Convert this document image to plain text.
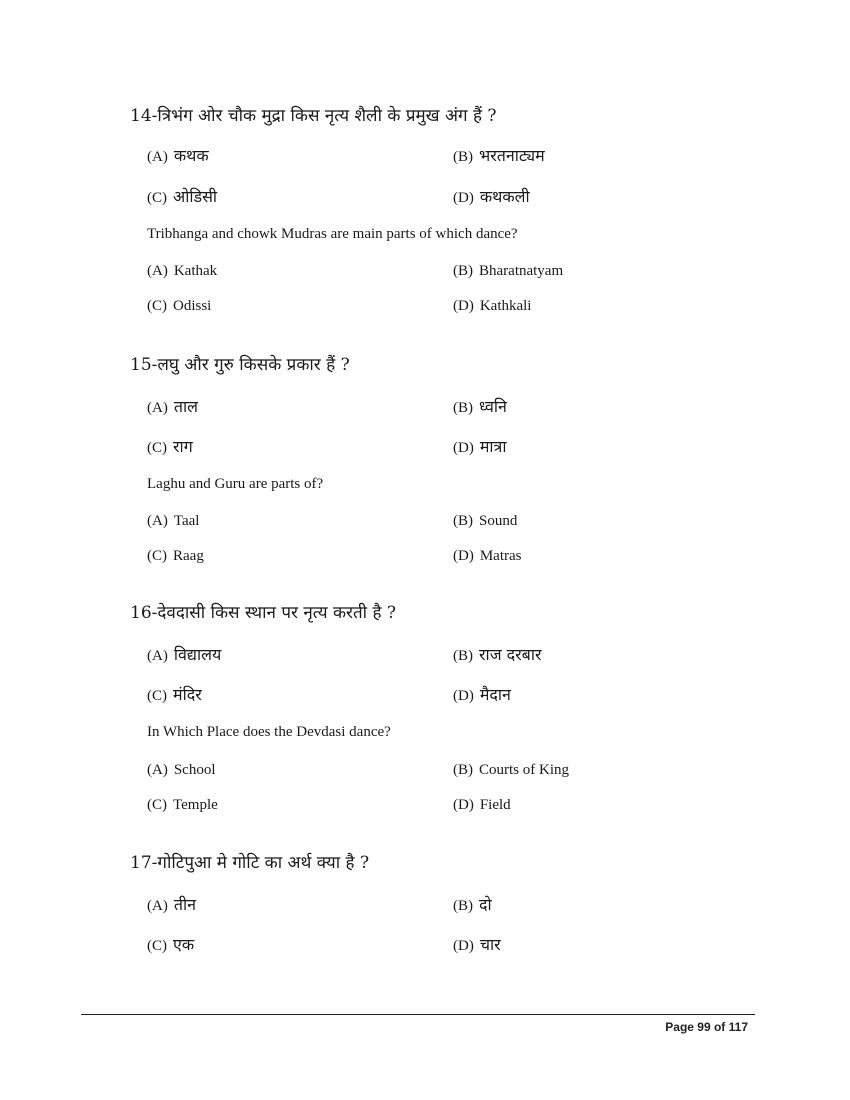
14-त्रिभंग ओर चौक मुद्रा किस नृत्य शैली के प्रमुख अंग हैं ?
(A) कथक	(B) भरतनाट्यम
(C) ओडिसी	(D) कथकली
Tribhanga and chowk Mudras are main parts of which dance?
(A) Kathak	(B) Bharatnatyam
(C) Odissi	(D) Kathkali
15-लघु और गुरु किसके प्रकार हैं ?
(A) ताल	(B) ध्वनि
(C) राग	(D) मात्रा
Laghu and Guru are parts of?
(A) Taal	(B) Sound
(C) Raag	(D) Matras
16-देवदासी किस स्थान पर नृत्य करती है ?
(A) विद्यालय	(B) राज दरबार
(C) मंदिर	(D) मैदान
In Which Place does the Devdasi dance?
(A) School	(B) Courts of King
(C) Temple	(D) Field
17-गोटिपुआ मे गोटि का अर्थ क्या है ?
(A) तीन	(B) दो
(C) एक	(D) चार
Page 99 of 117
